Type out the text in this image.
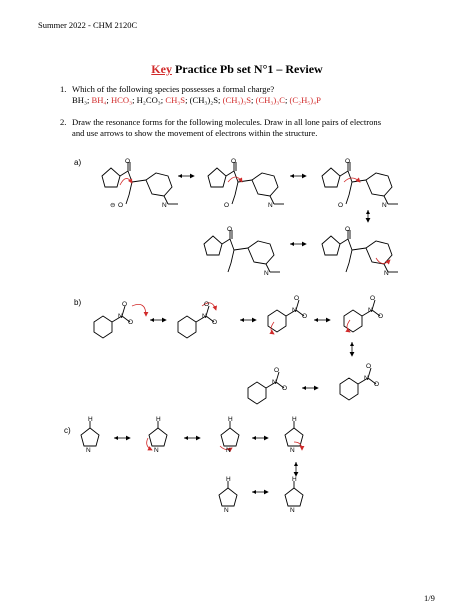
Summer 2022 - CHM 2120C
Key Practice Pb set N°1 – Review
1. Which of the following species possesses a formal charge?
BH₃; BH₄; HCO₃; H₂CO₃; CH₃S; (CH₃)₂S; (CH₃)₃S; (CH₃)₃C; (C₂H₅)₄P
2. Draw the resonance forms for the following molecules. Draw in all lone pairs of electrons
and use arrows to show the movement of electrons within the structure.
a)
b)
c)
O	O	O
O	O
O
⊖	O	O
N	N	N
N	N
N
O
O
N
O
O
N
O
O
N
O
O
N
O
O
N
O
O
H
N
H
N
H
N
H
N
H
N
H
N
1/9
